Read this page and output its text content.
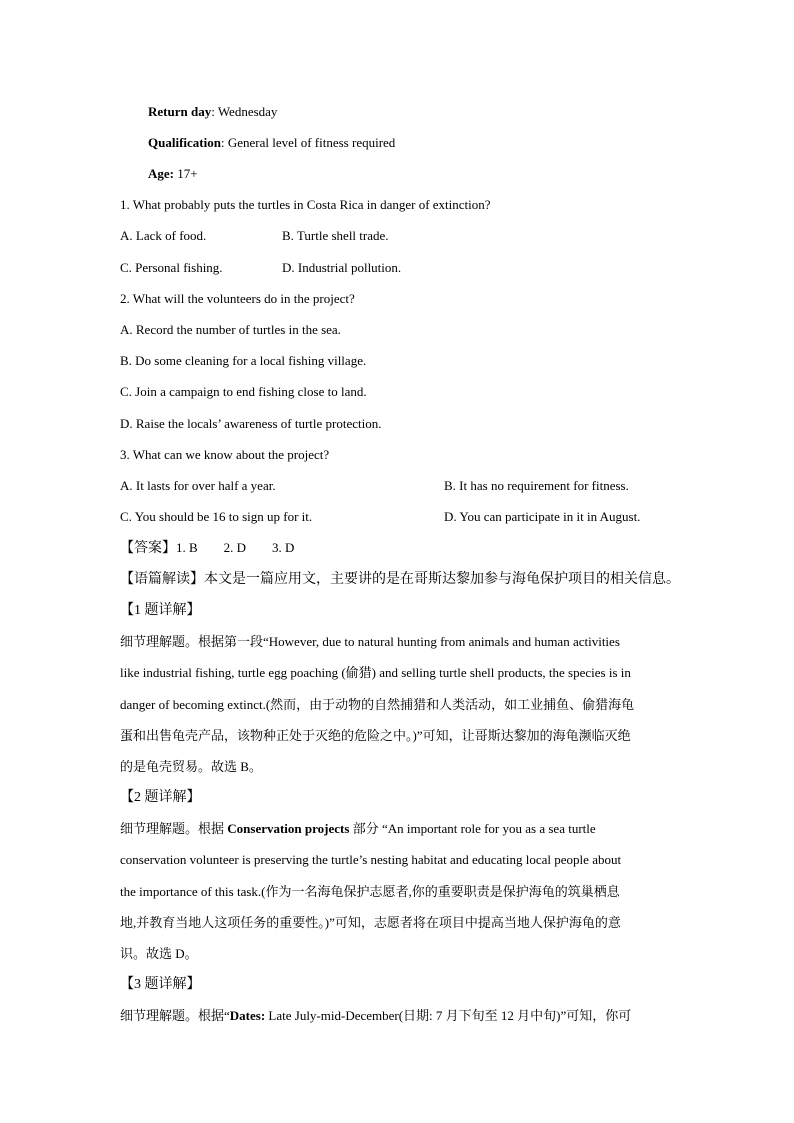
Return day: Wednesday
Qualification: General level of fitness required
Age: 17+
1. What probably puts the turtles in Costa Rica in danger of extinction?
A. Lack of food.	B. Turtle shell trade.
C. Personal fishing.	D. Industrial pollution.
2. What will the volunteers do in the project?
A. Record the number of turtles in the sea.
B. Do some cleaning for a local fishing village.
C. Join a campaign to end fishing close to land.
D. Raise the locals’ awareness of turtle protection.
3. What can we know about the project?
A. It lasts for over half a year.	B. It has no requirement for fitness.
C. You should be 16 to sign up for it.	D. You can participate in it in August.
【答案】1. B        2. D        3. D
【语篇解读】本文是一篇应用文，主要讲的是在哥斯达黎加参与海龟保护项目的相关信息。
【1 题详解】
细节理解题。根据第一段“However, due to natural hunting from animals and human activities
like industrial fishing, turtle egg poaching (偷猎) and selling turtle shell products, the species is in
danger of becoming extinct.(然而，由于动物的自然捕猎和人类活动，如工业捕鱼、偷猎海龟
蛋和出售龟壳产品，该物种正处于灭绝的危险之中。)”可知，让哥斯达黎加的海龟濒临灭绝
的是龟壳贸易。故选 B。
【2 题详解】
细节理解题。根据 Conservation projects 部分 “An important role for you as a sea turtle
conservation volunteer is preserving the turtle’s nesting habitat and educating local people about
the importance of this task.(作为一名海龟保护志愿者,你的重要职责是保护海龟的筑巢栖息
地,并教育当地人这项任务的重要性。)”可知，志愿者将在项目中提高当地人保护海龟的意
识。故选 D。
【3 题详解】
细节理解题。根据“Dates: Late July-mid-December(日期: 7 月下旬至 12 月中旬)”可知，你可
